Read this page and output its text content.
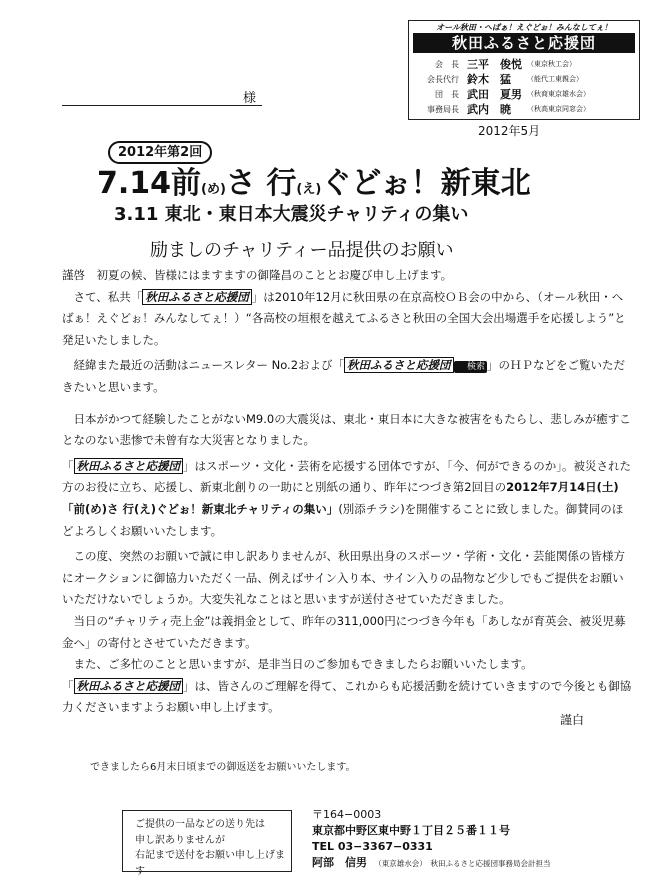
オール秋田・へばぁ！えぐどぉ！みんなしてぇ！
秋田ふるさと応援団
会　長 三平　俊悦 （東京秋工会）
会長代行 鈴木　猛 （能代工東親会）
団　長 武田　夏男 （秋商東京雄水会）
事務局長 武内　暁 （秋高東京同窓会）
2012年5月
様
2012年第2回
7.14前(め)さ 行(え)ぐどぉ！新東北
3.11 東北・東日本大震災チャリティの集い
励ましのチャリティー品提供のお願い

謹啓　初夏の候、皆様にはますますの御隆昌のこととお慶び申し上げます。

さて、私共「 秋田ふるさと応援団 」は2010年12月に秋田県の在京高校ＯＢ会の中から、（オール秋田・へばぁ！えぐどぉ！みんなしてぇ！）“各高校の垣根を越えてふるさと秋田の全国大会出場選手を応援しよう”と発足いたしました。

経緯また最近の活動はニュースレター No.2および「 秋田ふるさと応援団 検索 」のＨＰなどをご覧いただきたいと思います。

日本がかつて経験したことがないM9.0の大震災は、東北・東日本に大きな被害をもたらし、悲しみが癒すことなのない悲惨で未曾有な大災害となりました。

「 秋田ふるさと応援団 」はスポーツ・文化・芸術を応援する団体ですが、「今、何ができるのか」。被災された方のお役に立ち、応援し、新東北創りの一助にと別紙の通り、昨年につづき第2回目の2012年7月14日(土)「前(め)さ 行(え)ぐどぉ！新東北チャリティの集い」(別添チラシ)を開催することに致しました。御賛同のほどよろしくお願いいたします。

この度、突然のお願いで誠に申し訳ありませんが、秋田県出身のスポーツ・学術・文化・芸能関係の皆様方にオークションに御協力いただく一品、例えばサイン入り本、サイン入りの品物など少しでもご提供をお願いいただけないでしょうか。大変失礼なことはと思いますが送付させていただきました。

当日の“チャリティ売上金”は義捐金として、昨年の311,000円につづき今年も「あしなが育英会、被災児募金へ」の寄付とさせていただきます。

また、ご多忙のことと思いますが、是非当日のご参加もできましたらお願いいたします。

「 秋田ふるさと応援団 」は、皆さんのご理解を得て、これからも応援活動を続けていきますので今後とも御協力くださいますようお願い申し上げます。

謹白
できましたら6月末日頃までの御返送をお願いいたします。
ご提供の一品などの送り先は
申し訳ありませんが
右記まで送付をお願い申し上げます
〒164−0003
東京都中野区東中野１丁目２５番１１号
TEL 03−3367−0331
阿部　信男　 （東京雄水会）　秋田ふるさと応援団事務局会計担当
